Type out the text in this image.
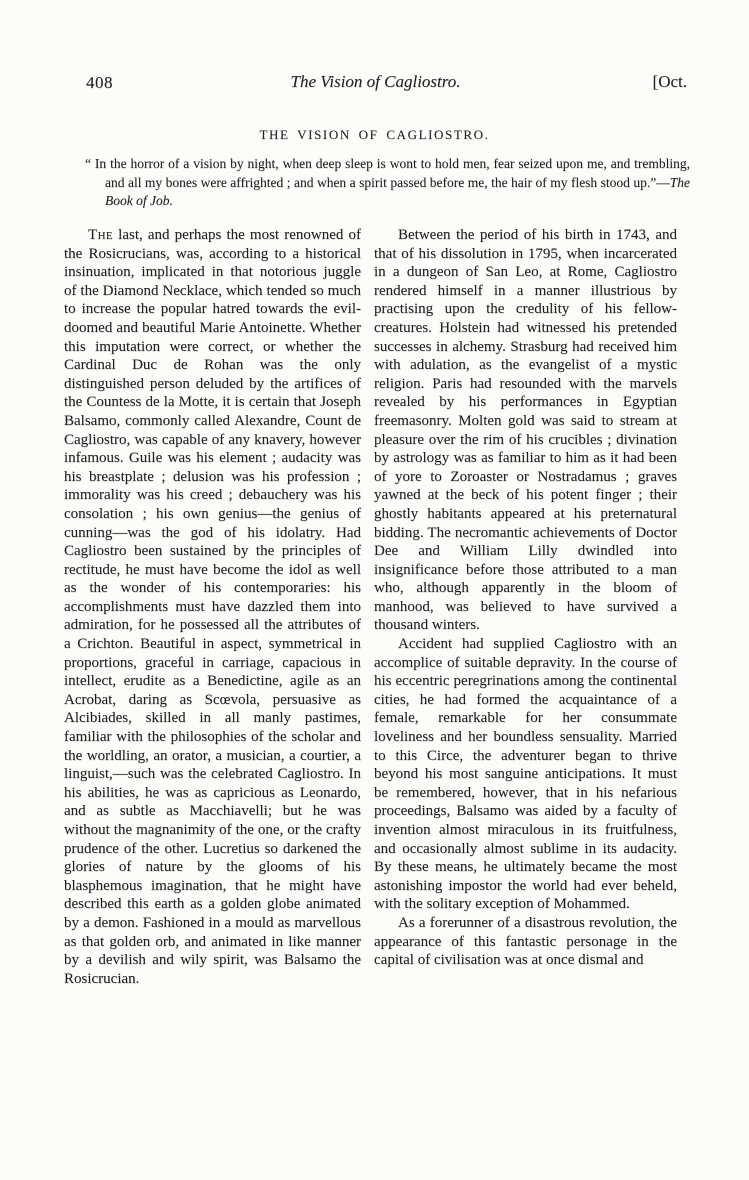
408	The Vision of Cagliostro.	[Oct.
THE VISION OF CAGLIOSTRO.
“ In the horror of a vision by night, when deep sleep is wont to hold men, fear seized upon me, and trembling, and all my bones were affrighted ; and when a spirit passed before me, the hair of my flesh stood up.”—The Book of Job.

The last, and perhaps the most renowned of the Rosicrucians, was, according to a historical insinuation, implicated in that notorious juggle of the Diamond Necklace, which tended so much to increase the popular hatred towards the evil-doomed and beautiful Marie Antoinette. Whether this imputation were correct, or whether the Cardinal Duc de Rohan was the only distinguished person deluded by the artifices of the Countess de la Motte, it is certain that Joseph Balsamo, commonly called Alexandre, Count de Cagliostro, was capable of any knavery, however infamous. Guile was his element ; audacity was his breastplate ; delusion was his profession ; immorality was his creed ; debauchery was his consolation ; his own genius—the genius of cunning—was the god of his idolatry. Had Cagliostro been sustained by the principles of rectitude, he must have become the idol as well as the wonder of his contemporaries: his accomplishments must have dazzled them into admiration, for he possessed all the attributes of a Crichton. Beautiful in aspect, symmetrical in proportions, graceful in carriage, capacious in intellect, erudite as a Benedictine, agile as an Acrobat, daring as Scœvola, persuasive as Alcibiades, skilled in all manly pastimes, familiar with the philosophies of the scholar and the worldling, an orator, a musician, a courtier, a linguist,—such was the celebrated Cagliostro. In his abilities, he was as capricious as Leonardo, and as subtle as Macchiavelli; but he was without the magnanimity of the one, or the crafty prudence of the other. Lucretius so darkened the glories of nature by the glooms of his blasphemous imagination, that he might have described this earth as a golden globe animated by a demon. Fashioned in a mould as marvellous as that golden orb, and animated in like manner by a devilish and wily spirit, was Balsamo the Rosicrucian.

Between the period of his birth in 1743, and that of his dissolution in 1795, when incarcerated in a dungeon of San Leo, at Rome, Cagliostro rendered himself in a manner illustrious by practising upon the credulity of his fellow-creatures. Holstein had witnessed his pretended successes in alchemy. Strasburg had received him with adulation, as the evangelist of a mystic religion. Paris had resounded with the marvels revealed by his performances in Egyptian freemasonry. Molten gold was said to stream at pleasure over the rim of his crucibles ; divination by astrology was as familiar to him as it had been of yore to Zoroaster or Nostradamus ; graves yawned at the beck of his potent finger ; their ghostly habitants appeared at his preternatural bidding. The necromantic achievements of Doctor Dee and William Lilly dwindled into insignificance before those attributed to a man who, although apparently in the bloom of manhood, was believed to have survived a thousand winters.

Accident had supplied Cagliostro with an accomplice of suitable depravity. In the course of his eccentric peregrinations among the continental cities, he had formed the acquaintance of a female, remarkable for her consummate loveliness and her boundless sensuality. Married to this Circe, the adventurer began to thrive beyond his most sanguine anticipations. It must be remembered, however, that in his nefarious proceedings, Balsamo was aided by a faculty of invention almost miraculous in its fruitfulness, and occasionally almost sublime in its audacity. By these means, he ultimately became the most astonishing impostor the world had ever beheld, with the solitary exception of Mohammed.

As a forerunner of a disastrous revolution, the appearance of this fantastic personage in the capital of civilisation was at once dismal and
